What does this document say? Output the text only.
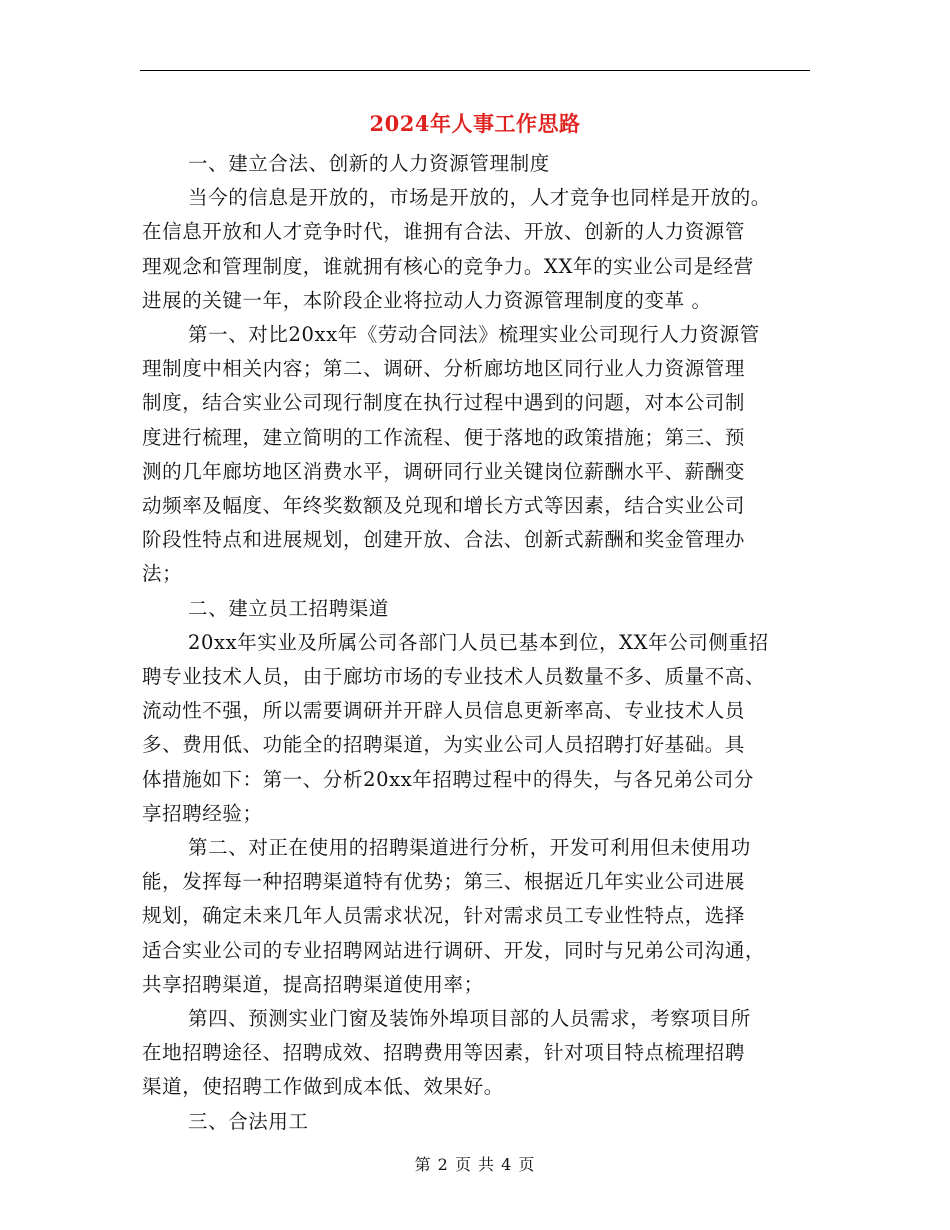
2024年人事工作思路
一、建立合法、创新的人力资源管理制度
当今的信息是开放的，市场是开放的，人才竞争也同样是开放的。
在信息开放和人才竞争时代，谁拥有合法、开放、创新的人力资源管
理观念和管理制度，谁就拥有核心的竞争力。XX年的实业公司是经营
进展的关键一年，本阶段企业将拉动人力资源管理制度的变革 。
第一、对比20xx年《劳动合同法》梳理实业公司现行人力资源管
理制度中相关内容；第二、调研、分析廊坊地区同行业人力资源管理
制度，结合实业公司现行制度在执行过程中遇到的问题，对本公司制
度进行梳理，建立简明的工作流程、便于落地的政策措施；第三、预
测的几年廊坊地区消费水平，调研同行业关键岗位薪酬水平、薪酬变
动频率及幅度、年终奖数额及兑现和增长方式等因素，结合实业公司
阶段性特点和进展规划，创建开放、合法、创新式薪酬和奖金管理办
法；
二、建立员工招聘渠道
20xx年实业及所属公司各部门人员已基本到位，XX年公司侧重招
聘专业技术人员，由于廊坊市场的专业技术人员数量不多、质量不高、
流动性不强，所以需要调研并开辟人员信息更新率高、专业技术人员
多、费用低、功能全的招聘渠道，为实业公司人员招聘打好基础。具
体措施如下：第一、分析20xx年招聘过程中的得失，与各兄弟公司分
享招聘经验；
第二、对正在使用的招聘渠道进行分析，开发可利用但未使用功
能，发挥每一种招聘渠道特有优势；第三、根据近几年实业公司进展
规划，确定未来几年人员需求状况，针对需求员工专业性特点，选择
适合实业公司的专业招聘网站进行调研、开发，同时与兄弟公司沟通，
共享招聘渠道，提高招聘渠道使用率；
第四、预测实业门窗及装饰外埠项目部的人员需求，考察项目所
在地招聘途径、招聘成效、招聘费用等因素，针对项目特点梳理招聘
渠道，使招聘工作做到成本低、效果好。
三、合法用工
第 2 页 共 4 页
